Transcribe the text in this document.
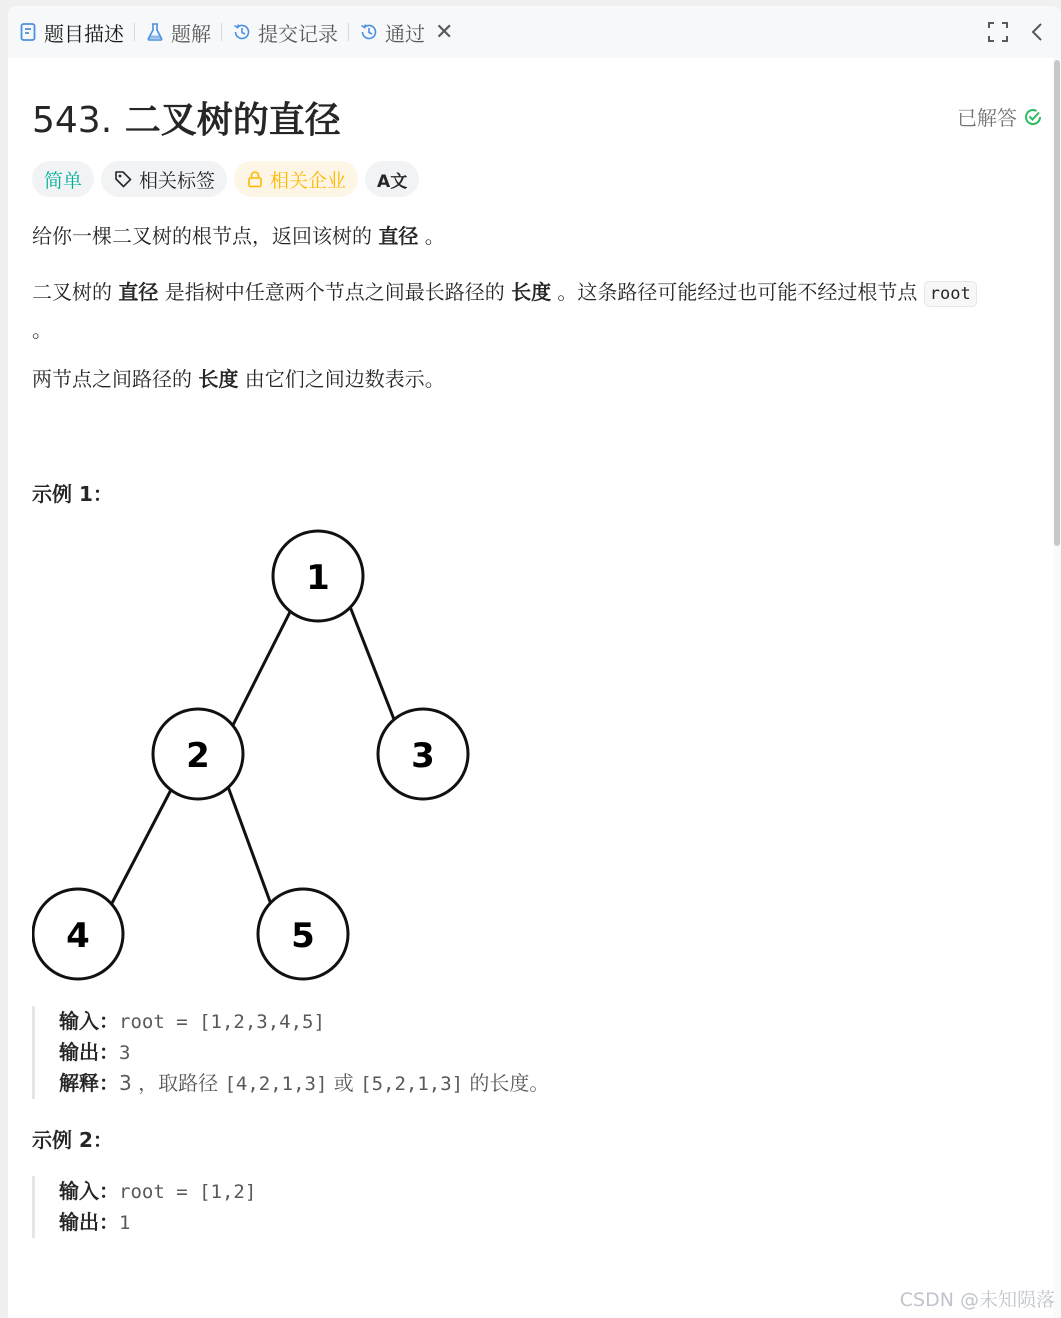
题目描述 题解 提交记录 通过 ✕
543. 二叉树的直径	已解答
简单	相关标签	相关企业 A文

给你一棵二叉树的根节点，返回该树的 直径 。

二叉树的 直径 是指树中任意两个节点之间最长路径的 长度 。这条路径可能经过也可能不经过根节点 root
。

两节点之间路径的 长度 由它们之间边数表示。

示例 1：
1
2	3
4	5
输入：root = [1,2,3,4,5]
输出：3
解释：3 ，取路径 [4,2,1,3] 或 [5,2,1,3] 的长度。
示例 2：
输入：root = [1,2]
输出：1
CSDN @未知陨落
